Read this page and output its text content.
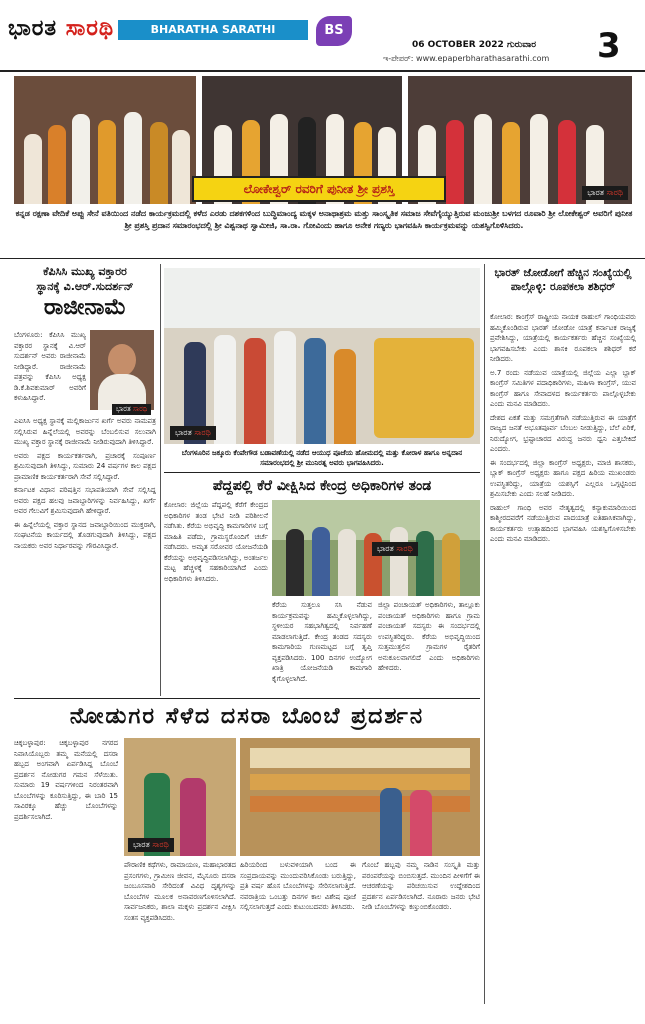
ಭಾರತ ಸಾರಥಿ	BHARATHA SARATHI KANNADA DAILY
BS
06 OCTOBER 2022 ಗುರುವಾರ
ಇ-ಪೇಪರ್: www.epaperbharathasarathi.com 3
ಭಾರತ ಸಾರಥಿ
ಲೋಕೇಶ್ವರ್ ರವರಿಗೆ ಪುನೀತ ಶ್ರೀ ಪ್ರಶಸ್ತಿ
ಕನ್ನಡ ರಕ್ಷಣಾ ವೇದಿಕೆ ಅಪ್ಪು ಸೇನೆ ವತಿಯಿಂದ ನಡೆದ ಕಾರ್ಯಕ್ರಮದಲ್ಲಿ ಕಳೆದ ಎರಡು ದಶಕಗಳಿಂದ ಬುದ್ಧಿಮಾಂದ್ಯ ಮಕ್ಕಳ ಅನಾಥಾಶ್ರಮ ಮತ್ತು ಸಾಂಸ್ಕೃತಿಕ ಸಮಾಜ ಸೇವೆಗೈಯ್ಯುತ್ತಿರುವ ಮಂಜುಶ್ರೀ ಬಳಗದ ರೂವಾರಿ ಶ್ರೀ ಲೋಕೇಶ್ವರ್ ಅವರಿಗೆ ಪುನೀತ ಶ್ರೀ ಪ್ರಶಸ್ತಿ ಪ್ರದಾನ ಸಮಾರಂಭದಲ್ಲಿ ಶ್ರೀ ವಿಶ್ವನಾಥ ಸ್ವಾಮೀಜಿ, ಸಾ.ರಾ. ಗೋವಿಂದು ಹಾಗೂ ಅನೇಕ ಗಣ್ಯರು ಭಾಗವಹಿಸಿ ಕಾರ್ಯಕ್ರಮವನ್ನು ಯಶಸ್ವಿಗೊಳಿಸಿದರು.
ಕೆಪಿಸಿಸಿ ಮುಖ್ಯ ವಕ್ತಾರರ
ಸ್ಥಾನಕ್ಕೆ ವಿ.ಆರ್.ಸುದರ್ಶನ್
ರಾಜೀನಾಮೆ
ಬೆಂಗಳೂರು: ಕೆಪಿಸಿಸಿ ಮುಖ್ಯ ವಕ್ತಾರರ ಸ್ಥಾನಕ್ಕೆ ವಿ.ಆರ್ ಸುದರ್ಶನ್ ಅವರು ರಾಜೀನಾಮೆ ನೀಡಿದ್ದಾರೆ. ರಾಜೀನಾಮೆ ಪತ್ರವನ್ನು ಕೆಪಿಸಿಸಿ ಅಧ್ಯಕ್ಷ ಡಿ.ಕೆ.ಶಿವಕುಮಾರ್ ಅವರಿಗೆ ಕಳುಹಿಸಿದ್ದಾರೆ.
ಭಾರತ ಸಾರಥಿ

ಎಐಸಿಸಿ ಅಧ್ಯಕ್ಷ ಸ್ಥಾನಕ್ಕೆ ಮಲ್ಲಿಕಾರ್ಜುನ ಖರ್ಗೆ ಅವರು ನಾಮಪತ್ರ ಸಲ್ಲಿಸಿರುವ ಹಿನ್ನೆಲೆಯಲ್ಲಿ ಅವರನ್ನು ಬೆಂಬಲಿಸುವ ಸಲುವಾಗಿ ಮುಖ್ಯ ವಕ್ತಾರ ಸ್ಥಾನಕ್ಕೆ ರಾಜೀನಾಮೆ ನೀಡಿರುವುದಾಗಿ ತಿಳಿಸಿದ್ದಾರೆ.

ಅವರು ಪಕ್ಷದ ಕಾರ್ಯಕರ್ತರಾಗಿ, ಪ್ರಚಾರಕ್ಕೆ ಸಂಪೂರ್ಣ ಶ್ರಮಿಸುವುದಾಗಿ ತಿಳಿಸಿದ್ದು, ಸುಮಾರು 24 ವರ್ಷಗಳ ಕಾಲ ಪಕ್ಷದ ಪ್ರಾಮಾಣಿಕ ಕಾರ್ಯಕರ್ತರಾಗಿ ಸೇವೆ ಸಲ್ಲಿಸಿದ್ದಾರೆ.

ಕರ್ನಾಟಕ ವಿಧಾನ ಪರಿಷತ್ತಿನ ಸಭಾಪತಿಯಾಗಿ ಸೇವೆ ಸಲ್ಲಿಸಿದ್ದ ಅವರು ಪಕ್ಷದ ಹಲವು ಜವಾಬ್ದಾರಿಗಳನ್ನು ನಿರ್ವಹಿಸಿದ್ದು, ಖರ್ಗೆ ಅವರ ಗೆಲುವಿಗೆ ಶ್ರಮಿಸುವುದಾಗಿ ಹೇಳಿದ್ದಾರೆ.

ಈ ಹಿನ್ನೆಲೆಯಲ್ಲಿ ವಕ್ತಾರ ಸ್ಥಾನದ ಜವಾಬ್ದಾರಿಯಿಂದ ಮುಕ್ತರಾಗಿ, ಸಂಘಟನೆಯ ಕಾರ್ಯದಲ್ಲಿ ತೊಡಗುವುದಾಗಿ ತಿಳಿಸಿದ್ದು, ಪಕ್ಷದ ನಾಯಕರು ಅವರ ನಿರ್ಧಾರವನ್ನು ಗೌರವಿಸಿದ್ದಾರೆ.

ಭಾರತ ಸಾರಥಿ
ಬೆಂಗಳೂರಿನ ಜಕ್ಕೂರು ಕೆಂಪೇಗೌಡ ಬಡಾವಣೆಯಲ್ಲಿ ನಡೆದ ಆಯುಧ ಪೂಜೆಯ ಹೋಮದಲ್ಲಿ ಮತ್ತು ಕೋರಾಳ ಹಾಗೂ ಅನ್ನದಾನ ಸಮಾರಂಭದಲ್ಲಿ ಶ್ರೀ ಮುನಿರತ್ನ ಅವರು ಭಾಗವಹಿಸಿದರು.
ಪೆದ್ದಪಲ್ಲಿ ಕೆರೆ ವೀಕ್ಷಿಸಿದ ಕೇಂದ್ರ ಅಧಿಕಾರಿಗಳ ತಂಡ
ಕೋಲಾರ: ಜಿಲ್ಲೆಯ ಪೆದ್ದಪಲ್ಲಿ ಕೆರೆಗೆ ಕೇಂದ್ರದ ಅಧಿಕಾರಿಗಳ ತಂಡ ಭೇಟಿ ನೀಡಿ ಪರಿಶೀಲನೆ ನಡೆಸಿತು. ಕೆರೆಯ ಅಭಿವೃದ್ಧಿ ಕಾಮಗಾರಿಗಳ ಬಗ್ಗೆ ಮಾಹಿತಿ ಪಡೆದು, ಗ್ರಾಮಸ್ಥರೊಂದಿಗೆ ಚರ್ಚೆ ನಡೆಸಿದರು. ಅಮೃತ ಸರೋವರ ಯೋಜನೆಯಡಿ ಕೆರೆಯನ್ನು ಅಭಿವೃದ್ಧಿಪಡಿಸಲಾಗಿದ್ದು, ಅಂತರ್ಜಲ ಮಟ್ಟ ಹೆಚ್ಚಳಕ್ಕೆ ಸಹಕಾರಿಯಾಗಿದೆ ಎಂದು ಅಧಿಕಾರಿಗಳು ತಿಳಿಸಿದರು.
ಭಾರತ ಸಾರಥಿ
ಕೆರೆಯ ಸುತ್ತಲೂ ಸಸಿ ನೆಡುವ ಕಾರ್ಯಕ್ರಮವನ್ನು ಹಮ್ಮಿಕೊಳ್ಳಲಾಗಿದ್ದು, ಸ್ಥಳೀಯರ ಸಹಭಾಗಿತ್ವದಲ್ಲಿ ನಿರ್ವಹಣೆ ಮಾಡಲಾಗುತ್ತಿದೆ. ಕೇಂದ್ರ ತಂಡದ ಸದಸ್ಯರು ಕಾಮಗಾರಿಯ ಗುಣಮಟ್ಟದ ಬಗ್ಗೆ ತೃಪ್ತಿ ವ್ಯಕ್ತಪಡಿಸಿದರು. 100 ದಿನಗಳ ಉದ್ಯೋಗ ಖಾತ್ರಿ ಯೋಜನೆಯಡಿ ಕಾಮಗಾರಿ ಕೈಗೊಳ್ಳಲಾಗಿದೆ.
ಜಿಲ್ಲಾ ಪಂಚಾಯತ್ ಅಧಿಕಾರಿಗಳು, ತಾಲ್ಲೂಕು ಪಂಚಾಯತ್ ಅಧಿಕಾರಿಗಳು ಹಾಗೂ ಗ್ರಾಮ ಪಂಚಾಯತ್ ಸದಸ್ಯರು ಈ ಸಂದರ್ಭದಲ್ಲಿ ಉಪಸ್ಥಿತರಿದ್ದರು. ಕೆರೆಯ ಅಭಿವೃದ್ಧಿಯಿಂದ ಸುತ್ತಮುತ್ತಲಿನ ಗ್ರಾಮಗಳ ರೈತರಿಗೆ ಅನುಕೂಲವಾಗಲಿದೆ ಎಂದು ಅಧಿಕಾರಿಗಳು ಹೇಳಿದರು.
ಭಾರತ್ ಜೋಡೋಗೆ ಹೆಚ್ಚಿನ ಸಂಖ್ಯೆಯಲ್ಲಿ ಪಾಲ್ಗೊಳ್ಳಿ: ರೂಪಕಲಾ ಶಶಿಧರ್

ಕೋಲಾರ: ಕಾಂಗ್ರೆಸ್ ರಾಷ್ಟ್ರೀಯ ನಾಯಕ ರಾಹುಲ್ ಗಾಂಧಿಯವರು ಹಮ್ಮಿಕೊಂಡಿರುವ ಭಾರತ್ ಜೋಡೋ ಯಾತ್ರೆ ಕರ್ನಾಟಕ ರಾಜ್ಯಕ್ಕೆ ಪ್ರವೇಶಿಸಿದ್ದು, ಯಾತ್ರೆಯಲ್ಲಿ ಕಾರ್ಯಕರ್ತರು ಹೆಚ್ಚಿನ ಸಂಖ್ಯೆಯಲ್ಲಿ ಭಾಗವಹಿಸಬೇಕು ಎಂದು ಶಾಸಕಿ ರೂಪಕಲಾ ಶಶಿಧರ್ ಕರೆ ನೀಡಿದರು.

ಅ.7 ರಂದು ನಡೆಯುವ ಯಾತ್ರೆಯಲ್ಲಿ ಜಿಲ್ಲೆಯ ಎಲ್ಲಾ ಬ್ಲಾಕ್ ಕಾಂಗ್ರೆಸ್ ಸಮಿತಿಗಳ ಪದಾಧಿಕಾರಿಗಳು, ಮಹಿಳಾ ಕಾಂಗ್ರೆಸ್, ಯುವ ಕಾಂಗ್ರೆಸ್ ಹಾಗೂ ಸೇವಾದಳದ ಕಾರ್ಯಕರ್ತರು ಪಾಲ್ಗೊಳ್ಳಬೇಕು ಎಂದು ಮನವಿ ಮಾಡಿದರು.

ದೇಶದ ಏಕತೆ ಮತ್ತು ಸಮಗ್ರತೆಗಾಗಿ ನಡೆಯುತ್ತಿರುವ ಈ ಯಾತ್ರೆಗೆ ರಾಜ್ಯದ ಜನತೆ ಅಭೂತಪೂರ್ವ ಬೆಂಬಲ ನೀಡುತ್ತಿದ್ದು, ಬೆಲೆ ಏರಿಕೆ, ನಿರುದ್ಯೋಗ, ಭ್ರಷ್ಟಾಚಾರದ ವಿರುದ್ಧ ಜನರು ಧ್ವನಿ ಎತ್ತಬೇಕಿದೆ ಎಂದರು.

ಈ ಸಂದರ್ಭದಲ್ಲಿ ಜಿಲ್ಲಾ ಕಾಂಗ್ರೆಸ್ ಅಧ್ಯಕ್ಷರು, ಮಾಜಿ ಶಾಸಕರು, ಬ್ಲಾಕ್ ಕಾಂಗ್ರೆಸ್ ಅಧ್ಯಕ್ಷರು ಹಾಗೂ ಪಕ್ಷದ ಹಿರಿಯ ಮುಖಂಡರು ಉಪಸ್ಥಿತರಿದ್ದು, ಯಾತ್ರೆಯ ಯಶಸ್ಸಿಗೆ ಎಲ್ಲರೂ ಒಗ್ಗಟ್ಟಿನಿಂದ ಶ್ರಮಿಸಬೇಕು ಎಂದು ಸಲಹೆ ನೀಡಿದರು.

ರಾಹುಲ್ ಗಾಂಧಿ ಅವರ ನೇತೃತ್ವದಲ್ಲಿ ಕನ್ಯಾಕುಮಾರಿಯಿಂದ ಕಾಶ್ಮೀರದವರೆಗೆ ನಡೆಯುತ್ತಿರುವ ಪಾದಯಾತ್ರೆ ಐತಿಹಾಸಿಕವಾಗಿದ್ದು, ಕಾರ್ಯಕರ್ತರು ಉತ್ಸಾಹದಿಂದ ಭಾಗವಹಿಸಿ ಯಶಸ್ವಿಗೊಳಿಸಬೇಕು ಎಂದು ಮನವಿ ಮಾಡಿದರು.

ನೋಡುಗರ ಸೆಳೆದ ದಸರಾ ಬೊಂಬೆ ಪ್ರದರ್ಶನ
ಚಿಕ್ಕಬಳ್ಳಾಪುರ: ಚಿಕ್ಕಬಳ್ಳಾಪುರ ನಗರದ ನಿವಾಸಿಯೊಬ್ಬರು ತಮ್ಮ ಮನೆಯಲ್ಲಿ ದಸರಾ ಹಬ್ಬದ ಅಂಗವಾಗಿ ಏರ್ಪಡಿಸಿದ್ದ ಬೊಂಬೆ ಪ್ರದರ್ಶನ ನೋಡುಗರ ಗಮನ ಸೆಳೆಯಿತು. ಸುಮಾರು 19 ವರ್ಷಗಳಿಂದ ನಿರಂತರವಾಗಿ ಬೊಂಬೆಗಳನ್ನು ಕೂರಿಸುತ್ತಿದ್ದು, ಈ ಬಾರಿ 15 ಸಾವಿರಕ್ಕೂ ಹೆಚ್ಚು ಬೊಂಬೆಗಳನ್ನು ಪ್ರದರ್ಶಿಸಲಾಗಿದೆ.
ಭಾರತ ಸಾರಥಿ
ಪೌರಾಣಿಕ ಕಥೆಗಳು, ರಾಮಾಯಣ, ಮಹಾಭಾರತದ ಪ್ರಸಂಗಗಳು, ಗ್ರಾಮೀಣ ಜೀವನ, ಮೈಸೂರು ದಸರಾ ಜಂಬೂಸವಾರಿ ಸೇರಿದಂತೆ ವಿವಿಧ ದೃಶ್ಯಗಳನ್ನು ಬೊಂಬೆಗಳ ಮೂಲಕ ಅನಾವರಣಗೊಳಿಸಲಾಗಿದೆ. ಸಾರ್ವಜನಿಕರು, ಶಾಲಾ ಮಕ್ಕಳು ಪ್ರದರ್ಶನ ವೀಕ್ಷಿಸಿ ಸಂತಸ ವ್ಯಕ್ತಪಡಿಸಿದರು.
ಹಿರಿಯರಿಂದ ಬಳುವಳಿಯಾಗಿ ಬಂದ ಈ ಸಂಪ್ರದಾಯವನ್ನು ಮುಂದುವರಿಸಿಕೊಂಡು ಬರುತ್ತಿದ್ದು, ಪ್ರತಿ ವರ್ಷ ಹೊಸ ಬೊಂಬೆಗಳನ್ನು ಸೇರಿಸಲಾಗುತ್ತಿದೆ. ನವರಾತ್ರಿಯ ಒಂಬತ್ತು ದಿನಗಳ ಕಾಲ ವಿಶೇಷ ಪೂಜೆ ಸಲ್ಲಿಸಲಾಗುತ್ತದೆ ಎಂದು ಕುಟುಂಬದವರು ತಿಳಿಸಿದರು.
ಗೊಂಬೆ ಹಬ್ಬವು ನಮ್ಮ ನಾಡಿನ ಸಂಸ್ಕೃತಿ ಮತ್ತು ಪರಂಪರೆಯನ್ನು ಬಿಂಬಿಸುತ್ತದೆ. ಮುಂದಿನ ಪೀಳಿಗೆಗೆ ಈ ಆಚರಣೆಯನ್ನು ಪರಿಚಯಿಸುವ ಉದ್ದೇಶದಿಂದ ಪ್ರದರ್ಶನ ಏರ್ಪಡಿಸಲಾಗಿದೆ. ನೂರಾರು ಜನರು ಭೇಟಿ ನೀಡಿ ಬೊಂಬೆಗಳನ್ನು ಕಣ್ತುಂಬಿಕೊಂಡರು.
